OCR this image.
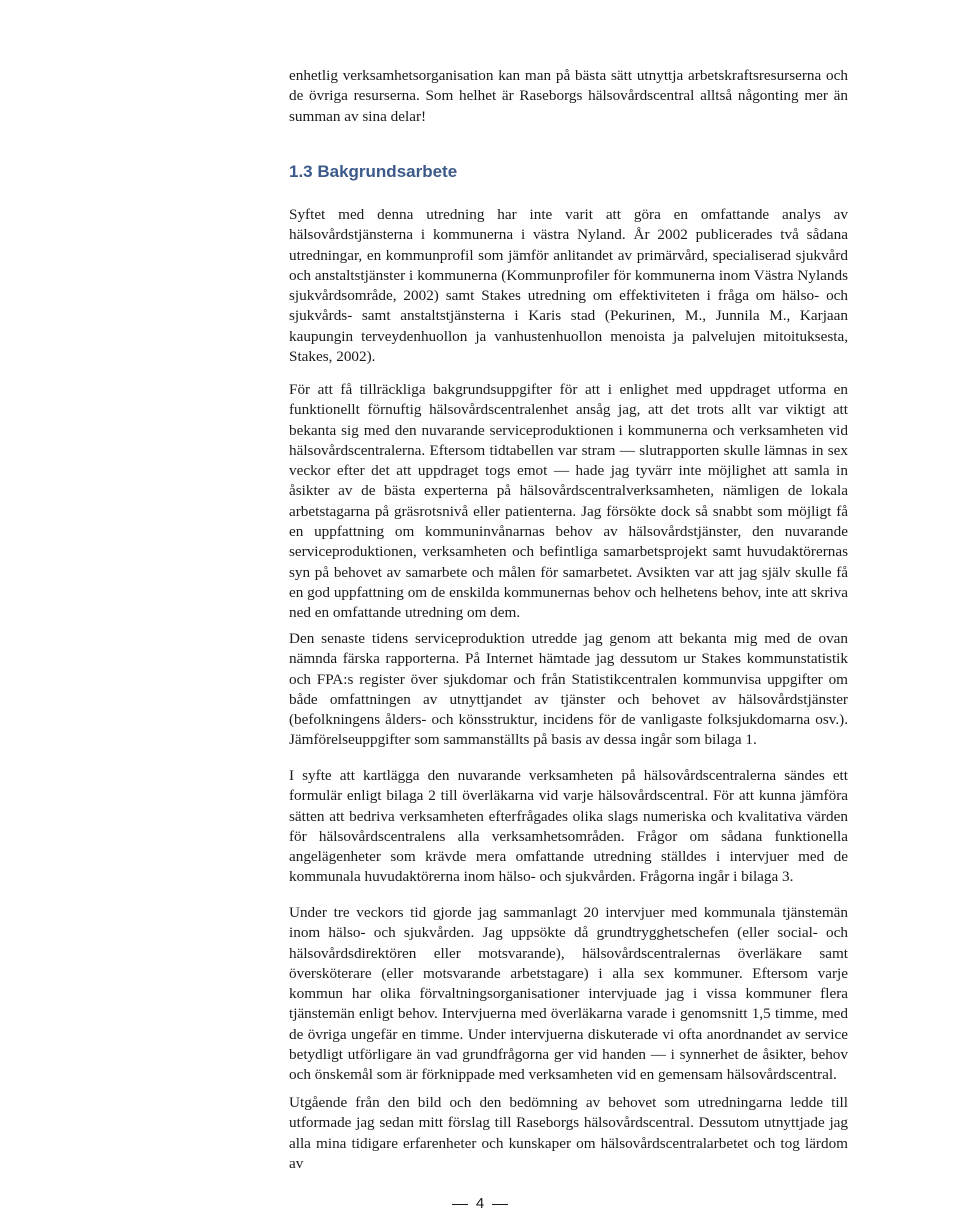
enhetlig verksamhetsorganisation kan man på bästa sätt utnyttja arbetskraftsresurserna och de övriga resurserna. Som helhet är Raseborgs hälsovårdscentral alltså någonting mer än summan av sina delar!

1.3 Bakgrundsarbete

Syftet med denna utredning har inte varit att göra en omfattande analys av hälsovårdstjänsterna i kommunerna i västra Nyland. År 2002 publicerades två sådana utredningar, en kommunprofil som jämför anlitandet av primärvård, specialiserad sjukvård och anstaltstjänster i kommunerna (Kommunprofiler för kommunerna inom Västra Nylands sjukvårdsområde, 2002) samt Stakes utredning om effektiviteten i fråga om hälso- och sjukvårds- samt anstaltstjänsterna i Karis stad (Pekurinen, M., Junnila M., Karjaan kaupungin terveydenhuollon ja vanhustenhuollon menoista ja palvelujen mitoituksesta, Stakes, 2002).

För att få tillräckliga bakgrundsuppgifter för att i enlighet med uppdraget utforma en funktionellt förnuftig hälsovårdscentralenhet ansåg jag, att det trots allt var viktigt att bekanta sig med den nuvarande serviceproduktionen i kommunerna och verksamheten vid hälsovårdscentralerna. Eftersom tidtabellen var stram — slutrapporten skulle lämnas in sex veckor efter det att uppdraget togs emot — hade jag tyvärr inte möjlighet att samla in åsikter av de bästa experterna på hälsovårdscentralverksamheten, nämligen de lokala arbetstagarna på gräsrotsnivå eller patienterna. Jag försökte dock så snabbt som möjligt få en uppfattning om kommuninvånarnas behov av hälsovårdstjänster, den nuvarande serviceproduktionen, verksamheten och befintliga samarbetsprojekt samt huvudaktörernas syn på behovet av samarbete och målen för samarbetet. Avsikten var att jag själv skulle få en god uppfattning om de enskilda kommunernas behov och helhetens behov, inte att skriva ned en omfattande utredning om dem.

Den senaste tidens serviceproduktion utredde jag genom att bekanta mig med de ovan nämnda färska rapporterna. På Internet hämtade jag dessutom ur Stakes kommunstatistik och FPA:s register över sjukdomar och från Statistikcentralen kommunvisa uppgifter om både omfattningen av utnyttjandet av tjänster och behovet av hälsovårdstjänster (befolkningens ålders- och könsstruktur, incidens för de vanligaste folksjukdomarna osv.). Jämförelseuppgifter som sammanställts på basis av dessa ingår som bilaga 1.

I syfte att kartlägga den nuvarande verksamheten på hälsovårdscentralerna sändes ett formulär enligt bilaga 2 till överläkarna vid varje hälsovårdscentral. För att kunna jämföra sätten att bedriva verksamheten efterfrågades olika slags numeriska och kvalitativa värden för hälsovårdscentralens alla verksamhetsområden. Frågor om sådana funktionella angelägenheter som krävde mera omfattande utredning ställdes i intervjuer med de kommunala huvudaktörerna inom hälso- och sjukvården. Frågorna ingår i bilaga 3.

Under tre veckors tid gjorde jag sammanlagt 20 intervjuer med kommunala tjänstemän inom hälso- och sjukvården. Jag uppsökte då grundtrygghetschefen (eller social- och hälsovårdsdirektören eller motsvarande), hälsovårdscentralernas överläkare samt översköterare (eller motsvarande arbetstagare) i alla sex kommuner. Eftersom varje kommun har olika förvaltningsorganisationer intervjuade jag i vissa kommuner flera tjänstemän enligt behov. Intervjuerna med överläkarna varade i genomsnitt 1,5 timme, med de övriga ungefär en timme. Under intervjuerna diskuterade vi ofta anordnandet av service betydligt utförligare än vad grundfrågorna ger vid handen — i synnerhet de åsikter, behov och önskemål som är förknippade med verksamheten vid en gemensam hälsovårdscentral.

Utgående från den bild och den bedömning av behovet som utredningarna ledde till utformade jag sedan mitt förslag till Raseborgs hälsovårdscentral. Dessutom utnyttjade jag alla mina tidigare erfarenheter och kunskaper om hälsovårdscentralarbetet och tog lärdom av

4
